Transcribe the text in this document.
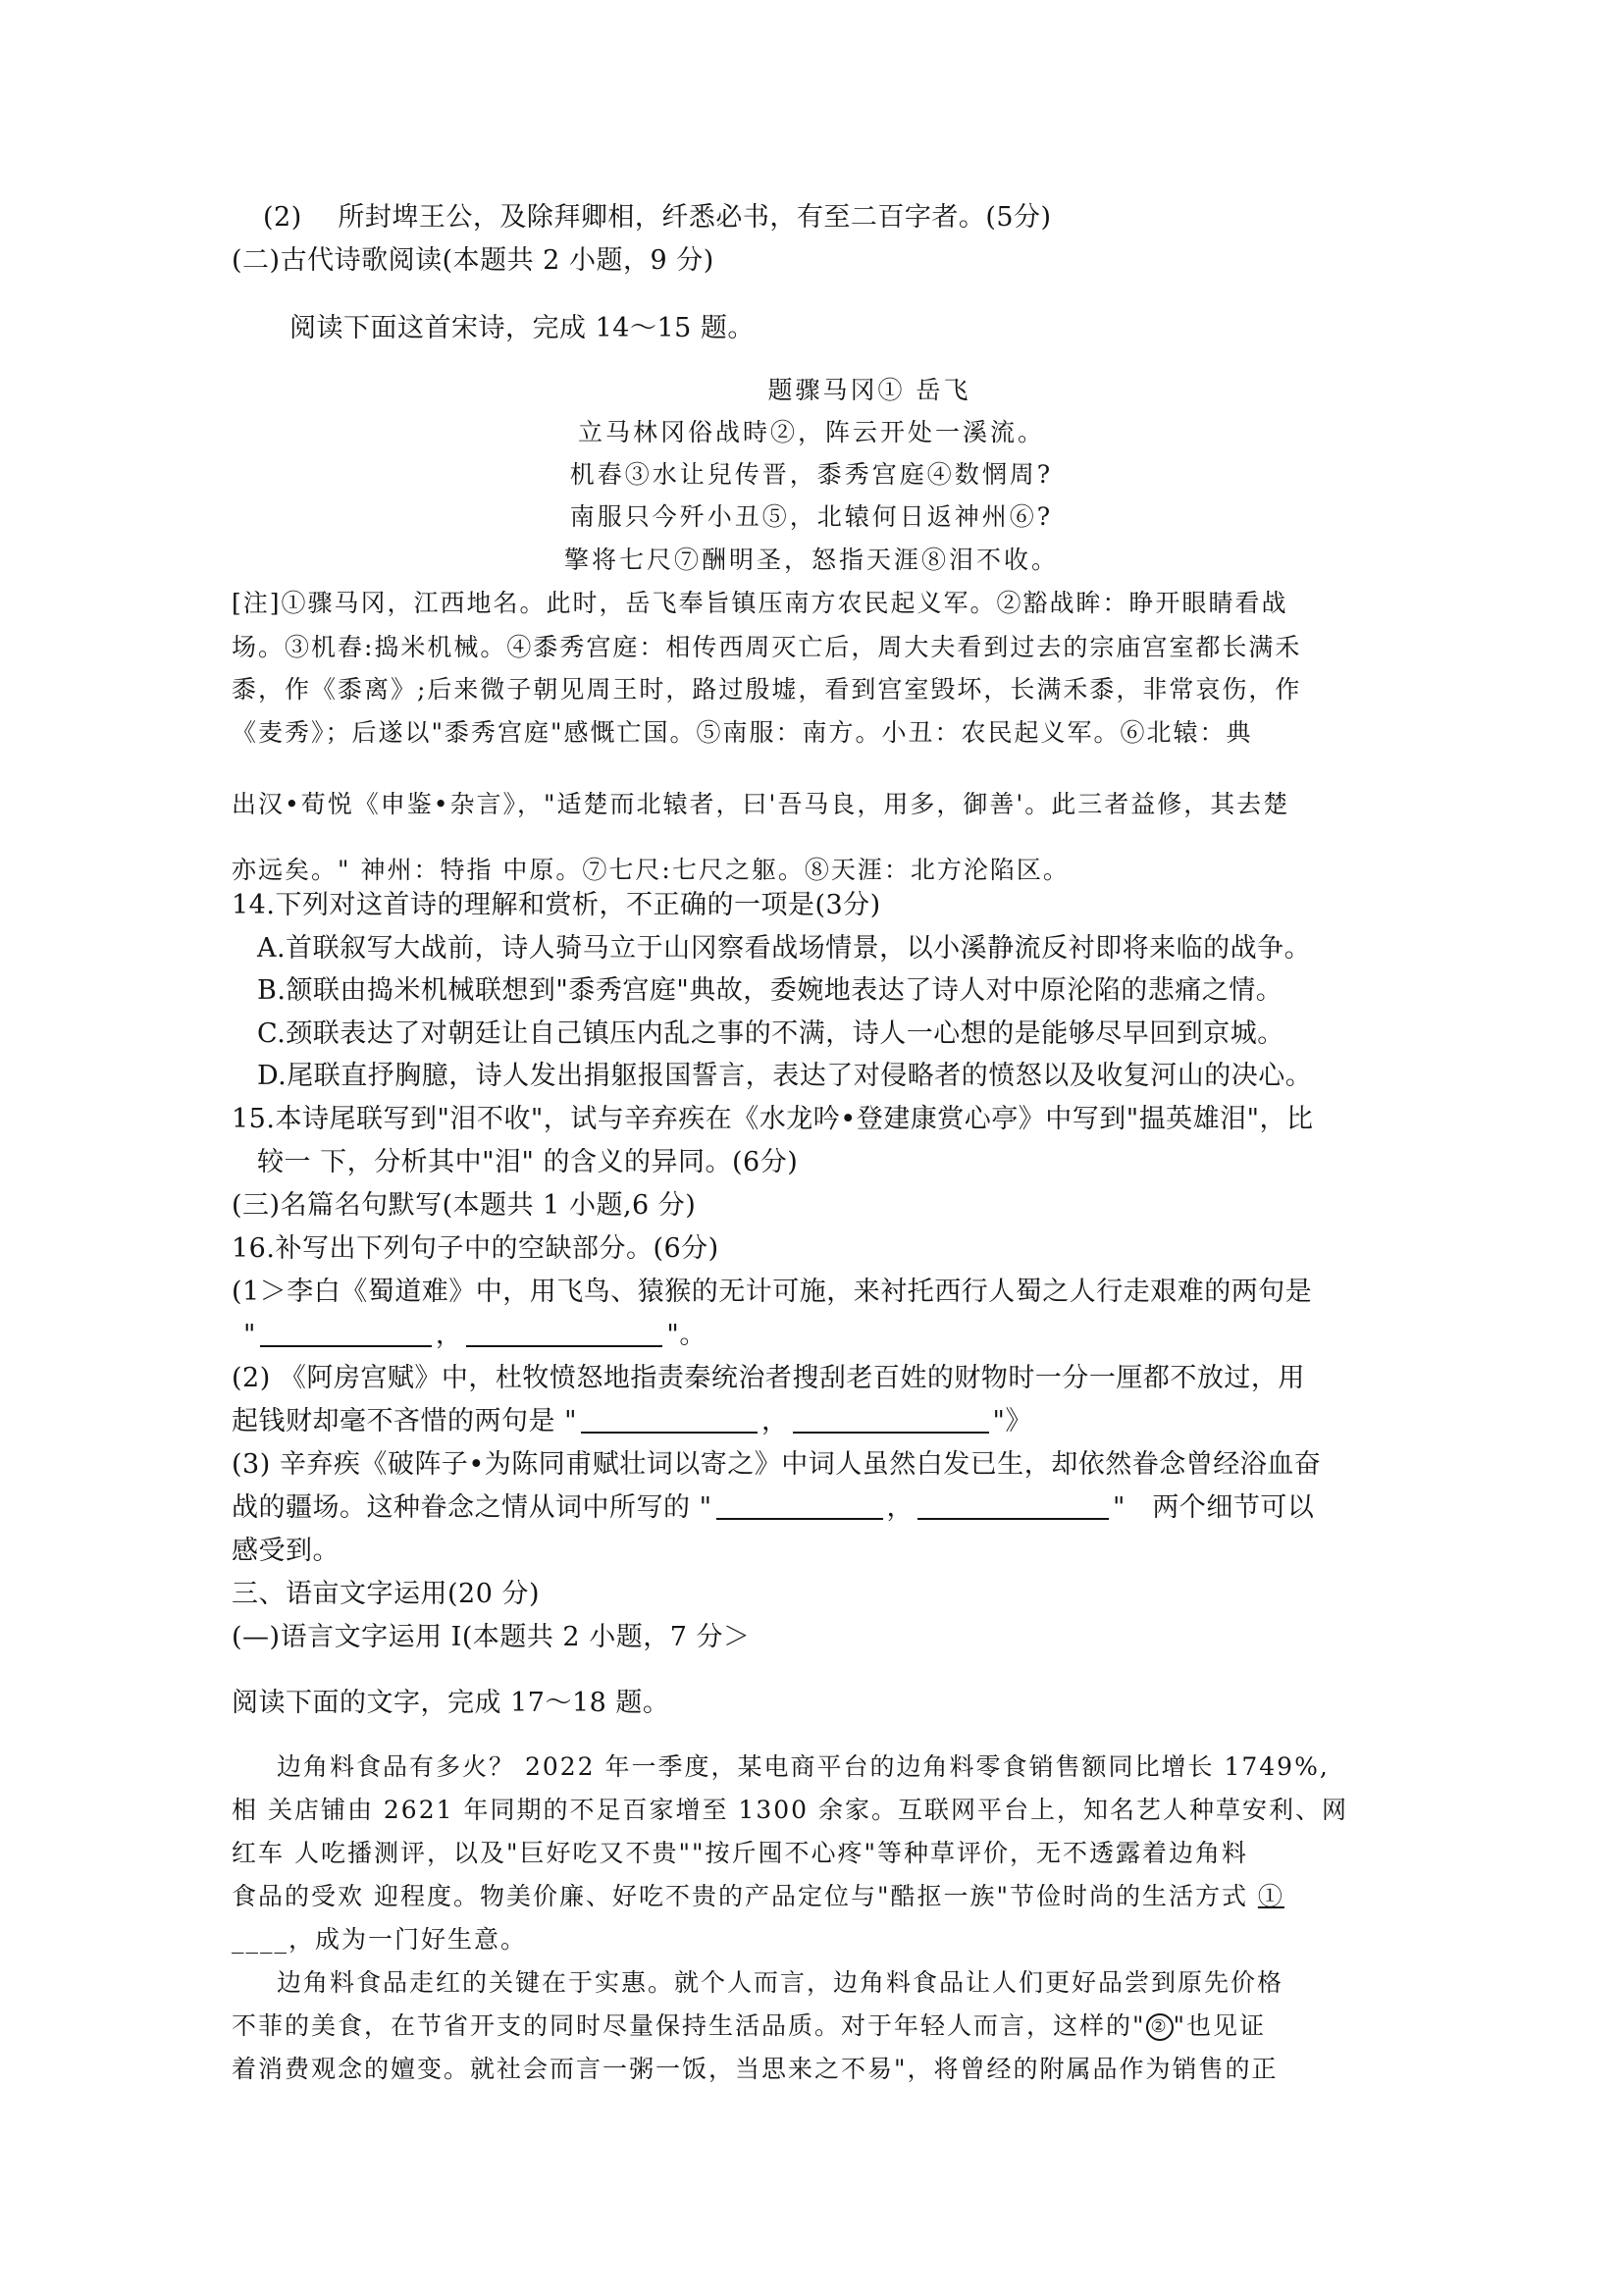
(2)　 所封埤王公，及除拜卿相，纤悉必书，有至二百字者。(5分)
(二)古代诗歌阅读(本题共 2 小题，9 分)
阅读下面这首宋诗，完成 14～15 题。
题骤马冈① 岳飞
立马林冈俗战時②，阵云开处一溪流。
机舂③水让兒传晋，黍秀宫庭④数惘周?
南服只今歼小丑⑤，北辕何日返神州⑥?
擎将七尺⑦酬明圣，怒指天涯⑧泪不收。
[注]①骤马冈，江西地名。此时，岳飞奉旨镇压南方农民起义军。②豁战眸：睁开眼睛看战
场。③机舂:捣米机械。④黍秀宫庭：相传西周灭亡后，周大夫看到过去的宗庙宫室都长满禾
黍，作《黍离》;后来微子朝见周王时，路过殷墟，看到宫室毁坏，长满禾黍，非常哀伤，作
《麦秀》；后遂以"黍秀宫庭"感慨亡国。⑤南服：南方。小丑：农民起义军。⑥北辕：典
出汉•荀悦《申鉴•杂言》，"适楚而北辕者，曰'吾马良，用多，御善'。此三者益修，其去楚
亦远矣。" 神州：特指 中原。⑦七尺:七尺之躯。⑧天涯：北方沦陷区。
14.下列对这首诗的理解和赏析，不正确的一项是(3分)
A.首联叙写大战前，诗人骑马立于山冈察看战场情景，以小溪静流反衬即将来临的战争。
B.颔联由捣米机械联想到"黍秀宫庭"典故，委婉地表达了诗人对中原沦陷的悲痛之情。
C.颈联表达了对朝廷让自己镇压内乱之事的不满，诗人一心想的是能够尽早回到京城。
D.尾联直抒胸臆，诗人发出捐躯报国誓言，表达了对侵略者的愤怒以及收复河山的决心。
15.本诗尾联写到"泪不收"，试与辛弃疾在《水龙吟•登建康赏心亭》中写到"揾英雄泪"，比
较一 下，分析其中"泪" 的含义的异同。(6分)
(三)名篇名句默写(本题共 1 小题,6 分)
16.补写出下列句子中的空缺部分。(6分)
(1＞李白《蜀道难》中，用飞鸟、猿猴的无计可施，来衬托西行人蜀之人行走艰难的两句是
"	，	"。
(2) 《阿房宫赋》中，杜牧愤怒地指责秦统治者搜刮老百姓的财物时一分一厘都不放过，用
起钱财却毫不吝惜的两句是 "	，	"》
(3) 辛弃疾《破阵子•为陈同甫赋壮词以寄之》中词人虽然白发已生，却依然眷念曾经浴血奋
战的疆场。这种眷念之情从词中所写的 "	，	"　两个细节可以
感受到。
三、语亩文字运用(20 分)
(—)语言文字运用 I(本题共 2 小题，7 分＞
阅读下面的文字，完成 17～18 题。
边角料食品有多火？ 2022 年一季度，某电商平台的边角料零食销售额同比增长 1749%,
相 关店铺由 2621 年同期的不足百家增至 1300 余家。互联网平台上，知名艺人种草安利、网
红车 人吃播测评，以及"巨好吃又不贵""按斤囤不心疼"等种草评价，无不透露着边角料
食品的受欢 迎程度。物美价廉、好吃不贵的产品定位与"酷抠一族"节俭时尚的生活方式 ①
____，成为一门好生意。
边角料食品走红的关键在于实惠。就个人而言，边角料食品让人们更好品尝到原先价格
不菲的美食，在节省开支的同时尽量保持生活品质。对于年轻人而言，这样的" ② "也见证
着消费观念的嬗变。就社会而言一粥一饭，当思来之不易"，将曾经的附属品作为销售的正
